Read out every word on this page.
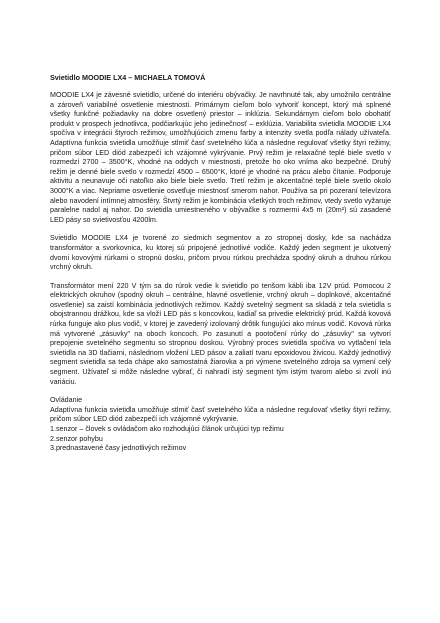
Svietidlo MOODIE LX4 – MICHAELA TOMOVÁ

MOODIE LX4 je závesné svietidlo, určené do interiéru obývačky. Je navrhnuté tak, aby umožnilo centrálne a zároveň variabilné osvetlenie miestnosti. Primárnym cieľom bolo vytvoriť koncept, ktorý má splnené všetky funkčné požiadavky na dobre osvetlený priestor – inklúzia. Sekundárnym cieľom bolo obohatiť produkt v prospech jednotlivca, podčiarkujúc jeho jedinečnosť – exklúzia. Variabilita svietidla MOODIE LX4 spočíva v integrácii štyroch režimov, umožňujúcich zmenu farby a intenzity svetla podľa nálady užívateľa. Adaptívna funkcia svietidla umožňuje stlmiť časť svetelného lúča a následne regulovať všetky štyri režimy, pričom súbor LED diód zabezpečí ich vzájomné vykrývanie. Prvý režim je relaxačné teplé biele svetlo v rozmedzí 2700 – 3500°K, vhodné na oddych v miestnosti, pretože ho oko vníma ako bezpečné. Druhý režim je denné biele svetlo v rozmedzí 4500 – 6500°K, ktoré je vhodné na prácu alebo čítanie. Podporuje aktivitu a neunavuje oči natoľko ako biele biele svetlo. Tretí režim je akcentačné teplé biele svetlo okolo 3000°K a viac. Nepriame osvetlenie osvetľuje miestnosť smerom nahor. Používa sa pri pozeraní televízora alebo navodení intímnej atmosféry. Štvrtý režim je kombinácia všetkých troch režimov, vtedy svetlo vyžaruje paralelne nadol aj nahor. Do svietidla umiestneného v obývačke s rozmermi 4x5 m (20m²) sú zasadené LED pásy so svietivosťou 4200lm.

Svietidlo MOODIE LX4 je tvorené zo siedmich segmentov a zo stropnej dosky, kde sa nachádza transformátor a svorkovnica, ku ktorej sú pripojené jednotlivé vodiče. Každý jeden segment je ukotvený dvomi kovovými rúrkami o stropnú dosku, pričom prvou rúrkou prechádza spodný okruh a druhou rúrkou vrchný okruh.

Transformátor mení 220 V tým sa do rúrok vedie k svietidlo po tenšom kábli iba 12V prúd. Pomocou 2 elektrických okruhov (spodný okruh – centrálne, hlavné osvetlenie, vrchný okruh – doplnkové, akcentačné osvetlenie) sa zaistí kombinácia jednotlivých režimov. Každý svetelný segment sa skladá z tela svietidla s obojstrannou drážkou, kde sa vloží LED pás s koncovkou, kadiaľ sa privedie elektrický prúd. Každá kovová rúrka funguje ako plus vodič, v ktorej je zavedený izolovaný drôtik fungujúci ako mínus vodič. Kovová rúrka má vytvorené „zásuvky" na oboch koncoch. Po zasunutí a pootočení rúrky do „zásuvky" sa vytvorí prepojenie svetelného segmentu so stropnou doskou. Výrobný proces svietidla spočíva vo vytlačení tela svietidla na 3D tlačiarni, následnom vložení LED pásov a zaliatí tvaru epoxidovou živicou. Každý jednotlivý segment svietidla sa teda chápe ako samostatná žiarovka a pri výmene svetelného zdroja sa vymení celý segment. Užívateľ si môže následne vybrať, či nahradí istý segment tým istým tvarom alebo si zvolí inú variáciu.

Ovládanie
Adaptívna funkcia svietidla umožňuje stlmiť časť svetelného lúča a následne regulovať všetky štyri režimy, pričom súbor LED diód zabezpečí ich vzájomné vykrývanie.
1.senzor – človek s ovládačom ako rozhodujúci článok určujúci typ režimu
2.senzor pohybu
3.prednastavené časy jednotlivých režimov
